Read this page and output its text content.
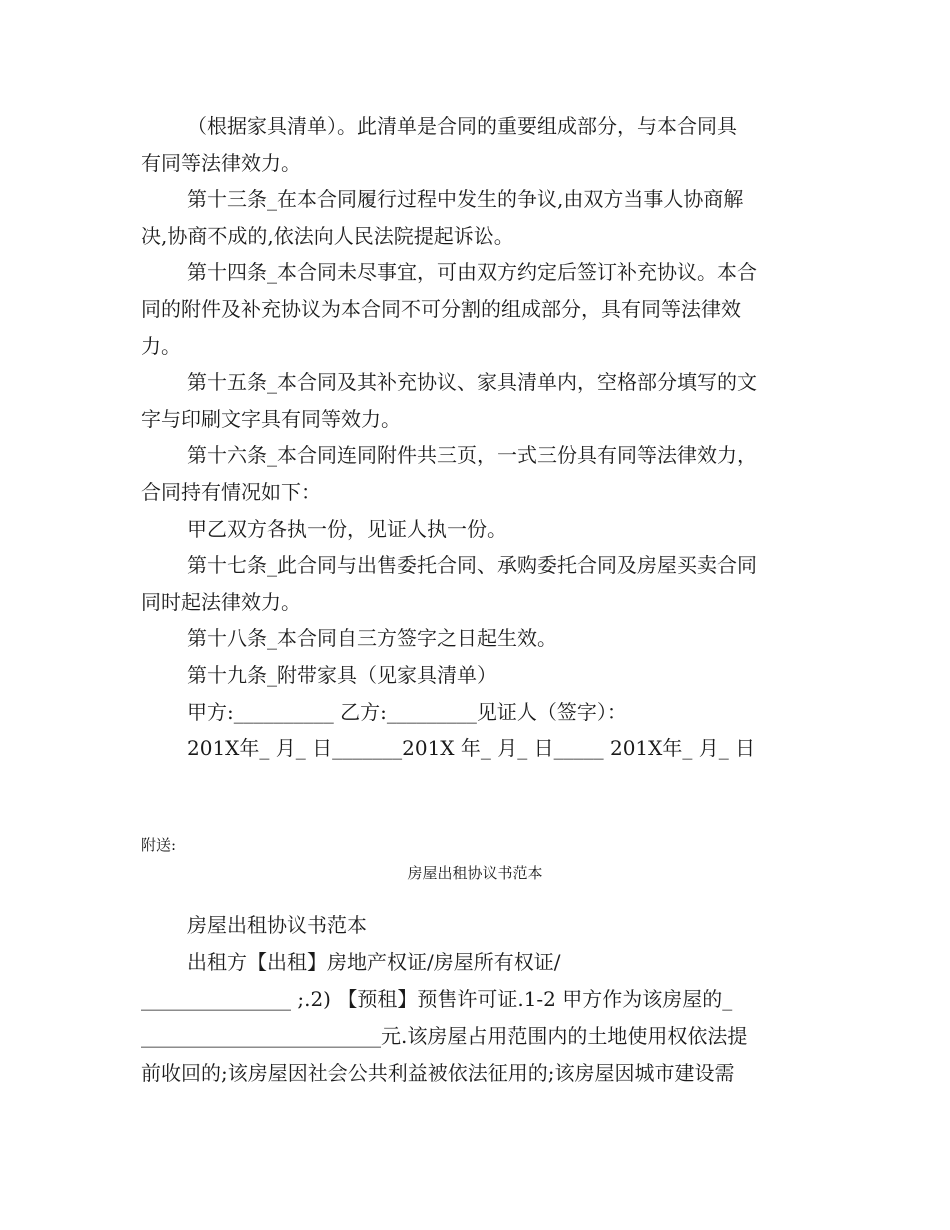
（根据家具清单）。此清单是合同的重要组成部分，与本合同具

有同等法律效力。

第十三条_在本合同履行过程中发生的争议,由双方当事人协商解

决,协商不成的,依法向人民法院提起诉讼。

第十四条_本合同未尽事宜，可由双方约定后签订补充协议。本合

同的附件及补充协议为本合同不可分割的组成部分，具有同等法律效

力。

第十五条_本合同及其补充协议、家具清单内，空格部分填写的文

字与印刷文字具有同等效力。

第十六条_本合同连同附件共三页，一式三份具有同等法律效力，

合同持有情况如下：

甲乙双方各执一份，见证人执一份。

第十七条_此合同与出售委托合同、承购委托合同及房屋买卖合同

同时起法律效力。

第十八条_本合同自三方签字之日起生效。

第十九条_附带家具（见家具清单）

甲方:__________ 乙方:_________见证人（签字）：

201X年_ 月_ 日_______201X 年_ 月_ 日_____ 201X年_ 月_ 日

附送:
房屋出租协议书范本

房屋出租协议书范本

出租方【出租】房地产权证/房屋所有权证/

_______________ ;.2) 【预租】预售许可证.1-2 甲方作为该房屋的_

________________________元.该房屋占用范围内的土地使用权依法提

前收回的;该房屋因社会公共利益被依法征用的;该房屋因城市建设需
